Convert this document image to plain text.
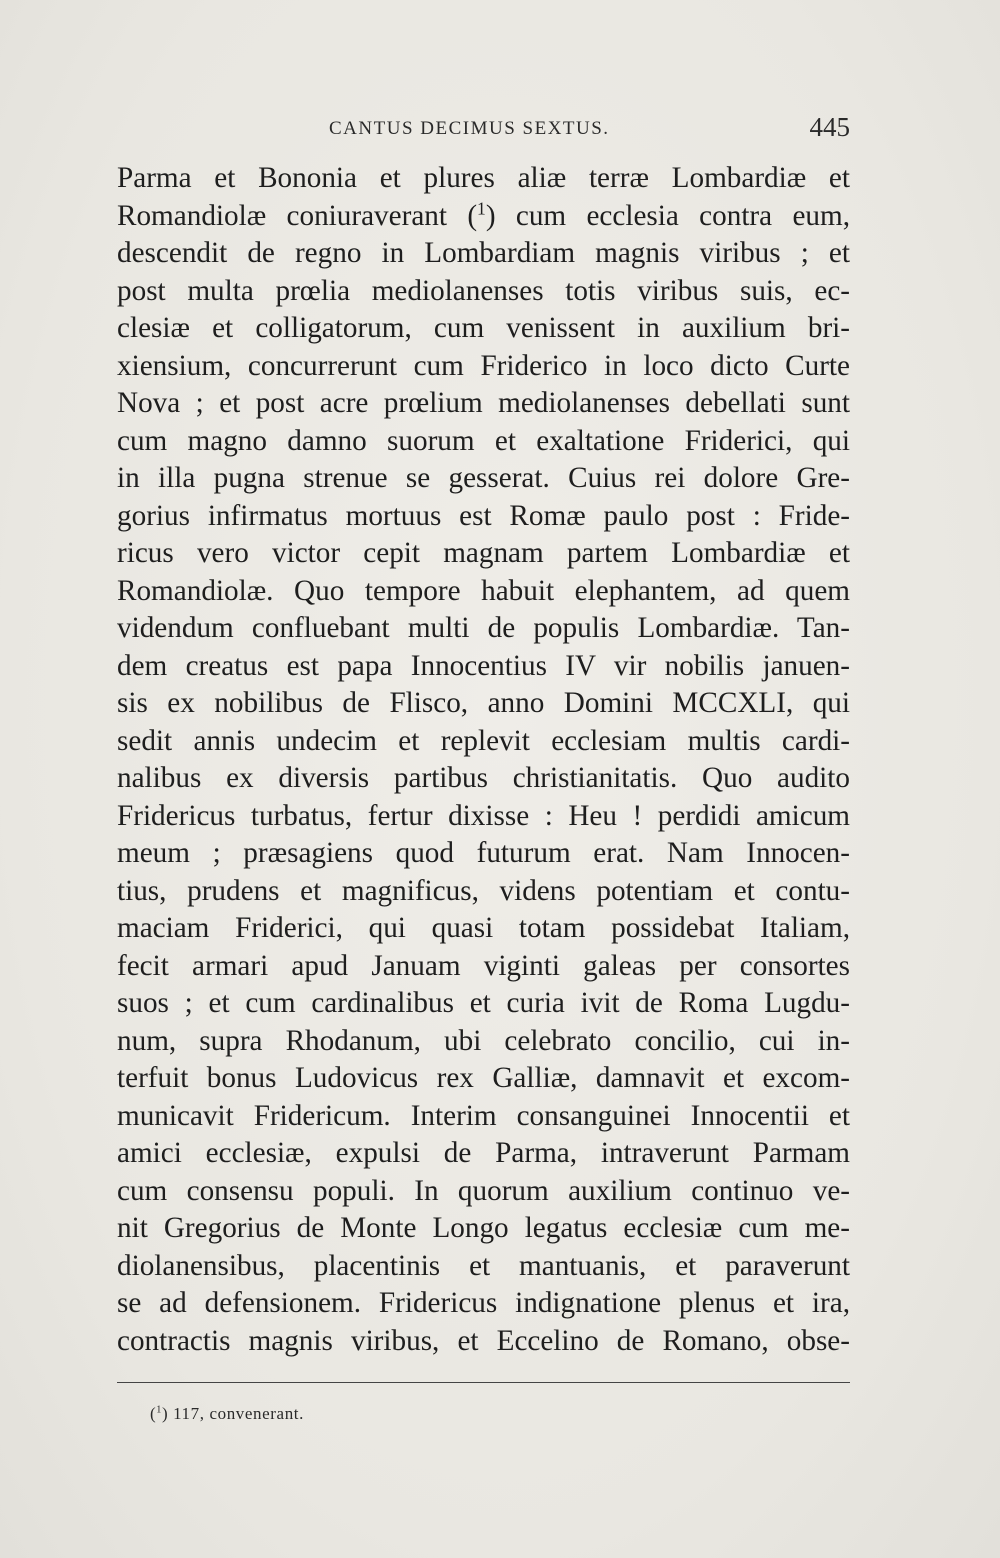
CANTUS DECIMUS SEXTUS.	445
Parma et Bononia et plures aliæ terræ Lombardiæ et
Romandiolæ coniuraverant ($^1$) cum ecclesia contra eum,
descendit de regno in Lombardiam magnis viribus ; et
post multa prœlia mediolanenses totis viribus suis, ec-
clesiæ et colligatorum, cum venissent in auxilium bri-
xiensium, concurrerunt cum Friderico in loco dicto Curte
Nova ; et post acre prœlium mediolanenses debellati sunt
cum magno damno suorum et exaltatione Friderici, qui
in illa pugna strenue se gesserat. Cuius rei dolore Gre-
gorius infirmatus mortuus est Romæ paulo post : Fride-
ricus vero victor cepit magnam partem Lombardiæ et
Romandiolæ. Quo tempore habuit elephantem, ad quem
videndum confluebant multi de populis Lombardiæ. Tan-
dem creatus est papa Innocentius IV vir nobilis januen-
sis ex nobilibus de Flisco, anno Domini MCCXLI, qui
sedit annis undecim et replevit ecclesiam multis cardi-
nalibus ex diversis partibus christianitatis. Quo audito
Fridericus turbatus, fertur dixisse : Heu ! perdidi amicum
meum ; præsagiens quod futurum erat. Nam Innocen-
tius, prudens et magnificus, videns potentiam et contu-
maciam Friderici, qui quasi totam possidebat Italiam,
fecit armari apud Januam viginti galeas per consortes
suos ; et cum cardinalibus et curia ivit de Roma Lugdu-
num, supra Rhodanum, ubi celebrato concilio, cui in-
terfuit bonus Ludovicus rex Galliæ, damnavit et excom-
municavit Fridericum. Interim consanguinei Innocentii et
amici ecclesiæ, expulsi de Parma, intraverunt Parmam
cum consensu populi. In quorum auxilium continuo ve-
nit Gregorius de Monte Longo legatus ecclesiæ cum me-
diolanensibus, placentinis et mantuanis, et paraverunt
se ad defensionem. Fridericus indignatione plenus et ira,
contractis magnis viribus, et Eccelino de Romano, obse-
($^1$) 117, convenerant.
